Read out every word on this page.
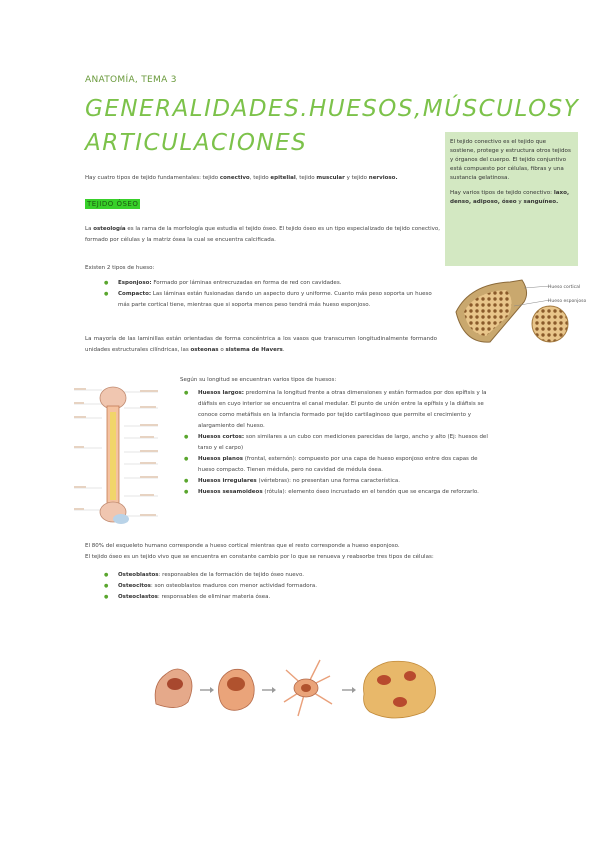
ANATOMÍA, TEMA 3
GENERALIDADES. HUESOS, MÚSCULOS Y
ARTICULACIONES	El tejido conectivo es el tejido que sostiene, protege y estructura otros tejidos y órganos del cuerpo. El tejido conjuntivo está compuesto por células, fibras y una sustancia gelatinosa.

Hay varios tipos de tejido conectivo: laxo, denso, adiposo, óseo y sanguíneo.

Hueso cortical
Hueso esponjoso
Hay cuatro tipos de tejido fundamentales: tejido conectivo, tejido epitelial, tejido muscular y tejido nervioso.
TEJIDO ÓSEO
La osteología es la rama de la morfología que estudia el tejido óseo. El tejido óseo es un tipo especializado de tejido conectivo, formado por células y la matriz ósea la cual se encuentra calcificada.
Existen 2 tipos de hueso:
● Esponjoso: Formado por láminas entrecruzadas en forma de red con cavidades.
● Compacto: Las láminas están fusionadas dando un aspecto duro y uniforme. Cuanto más peso soporta un hueso más parte cortical tiene, mientras que si soporta menos peso tendrá más hueso esponjoso.
La mayoría de las laminillas están orientadas de forma concéntrica a los vasos que transcurren longitudinalmente formando unidades estructurales cilíndricas, las osteonas o sistema de Havers.
Según su longitud se encuentran varios tipos de huesos:
● Huesos largos: predomina la longitud frente a otras dimensiones y están formados por dos epífisis y la diáfisis en cuyo interior se encuentra el canal medular. El punto de unión entre la epífisis y la diáfisis se conoce como metáfisis en la infancia formado por tejido cartilaginoso que permite el crecimiento y alargamiento del hueso.
● Huesos cortos: son similares a un cubo con mediciones parecidas de largo, ancho y alto (Ej: huesos del tarso y el carpo)
● Huesos planos (frontal, esternón): compuesto por una capa de hueso esponjoso entre dos capas de hueso compacto. Tienen médula, pero no cavidad de médula ósea.
● Huesos irregulares (vértebras): no presentan una forma característica.
● Huesos sesamoideos (rótula): elemento óseo incrustado en el tendón que se encarga de reforzarlo.
El 80% del esqueleto humano corresponde a hueso cortical mientras que el resto corresponde a hueso esponjoso.
El tejido óseo es un tejido vivo que se encuentra en constante cambio por lo que se renueva y reabsorbe tres tipos de células:
● Osteoblastos: responsables de la formación de tejido óseo nuevo.
● Osteocitos: son osteoblastos maduros con menor actividad formadora.
● Osteoclastos: responsables de eliminar materia ósea.
